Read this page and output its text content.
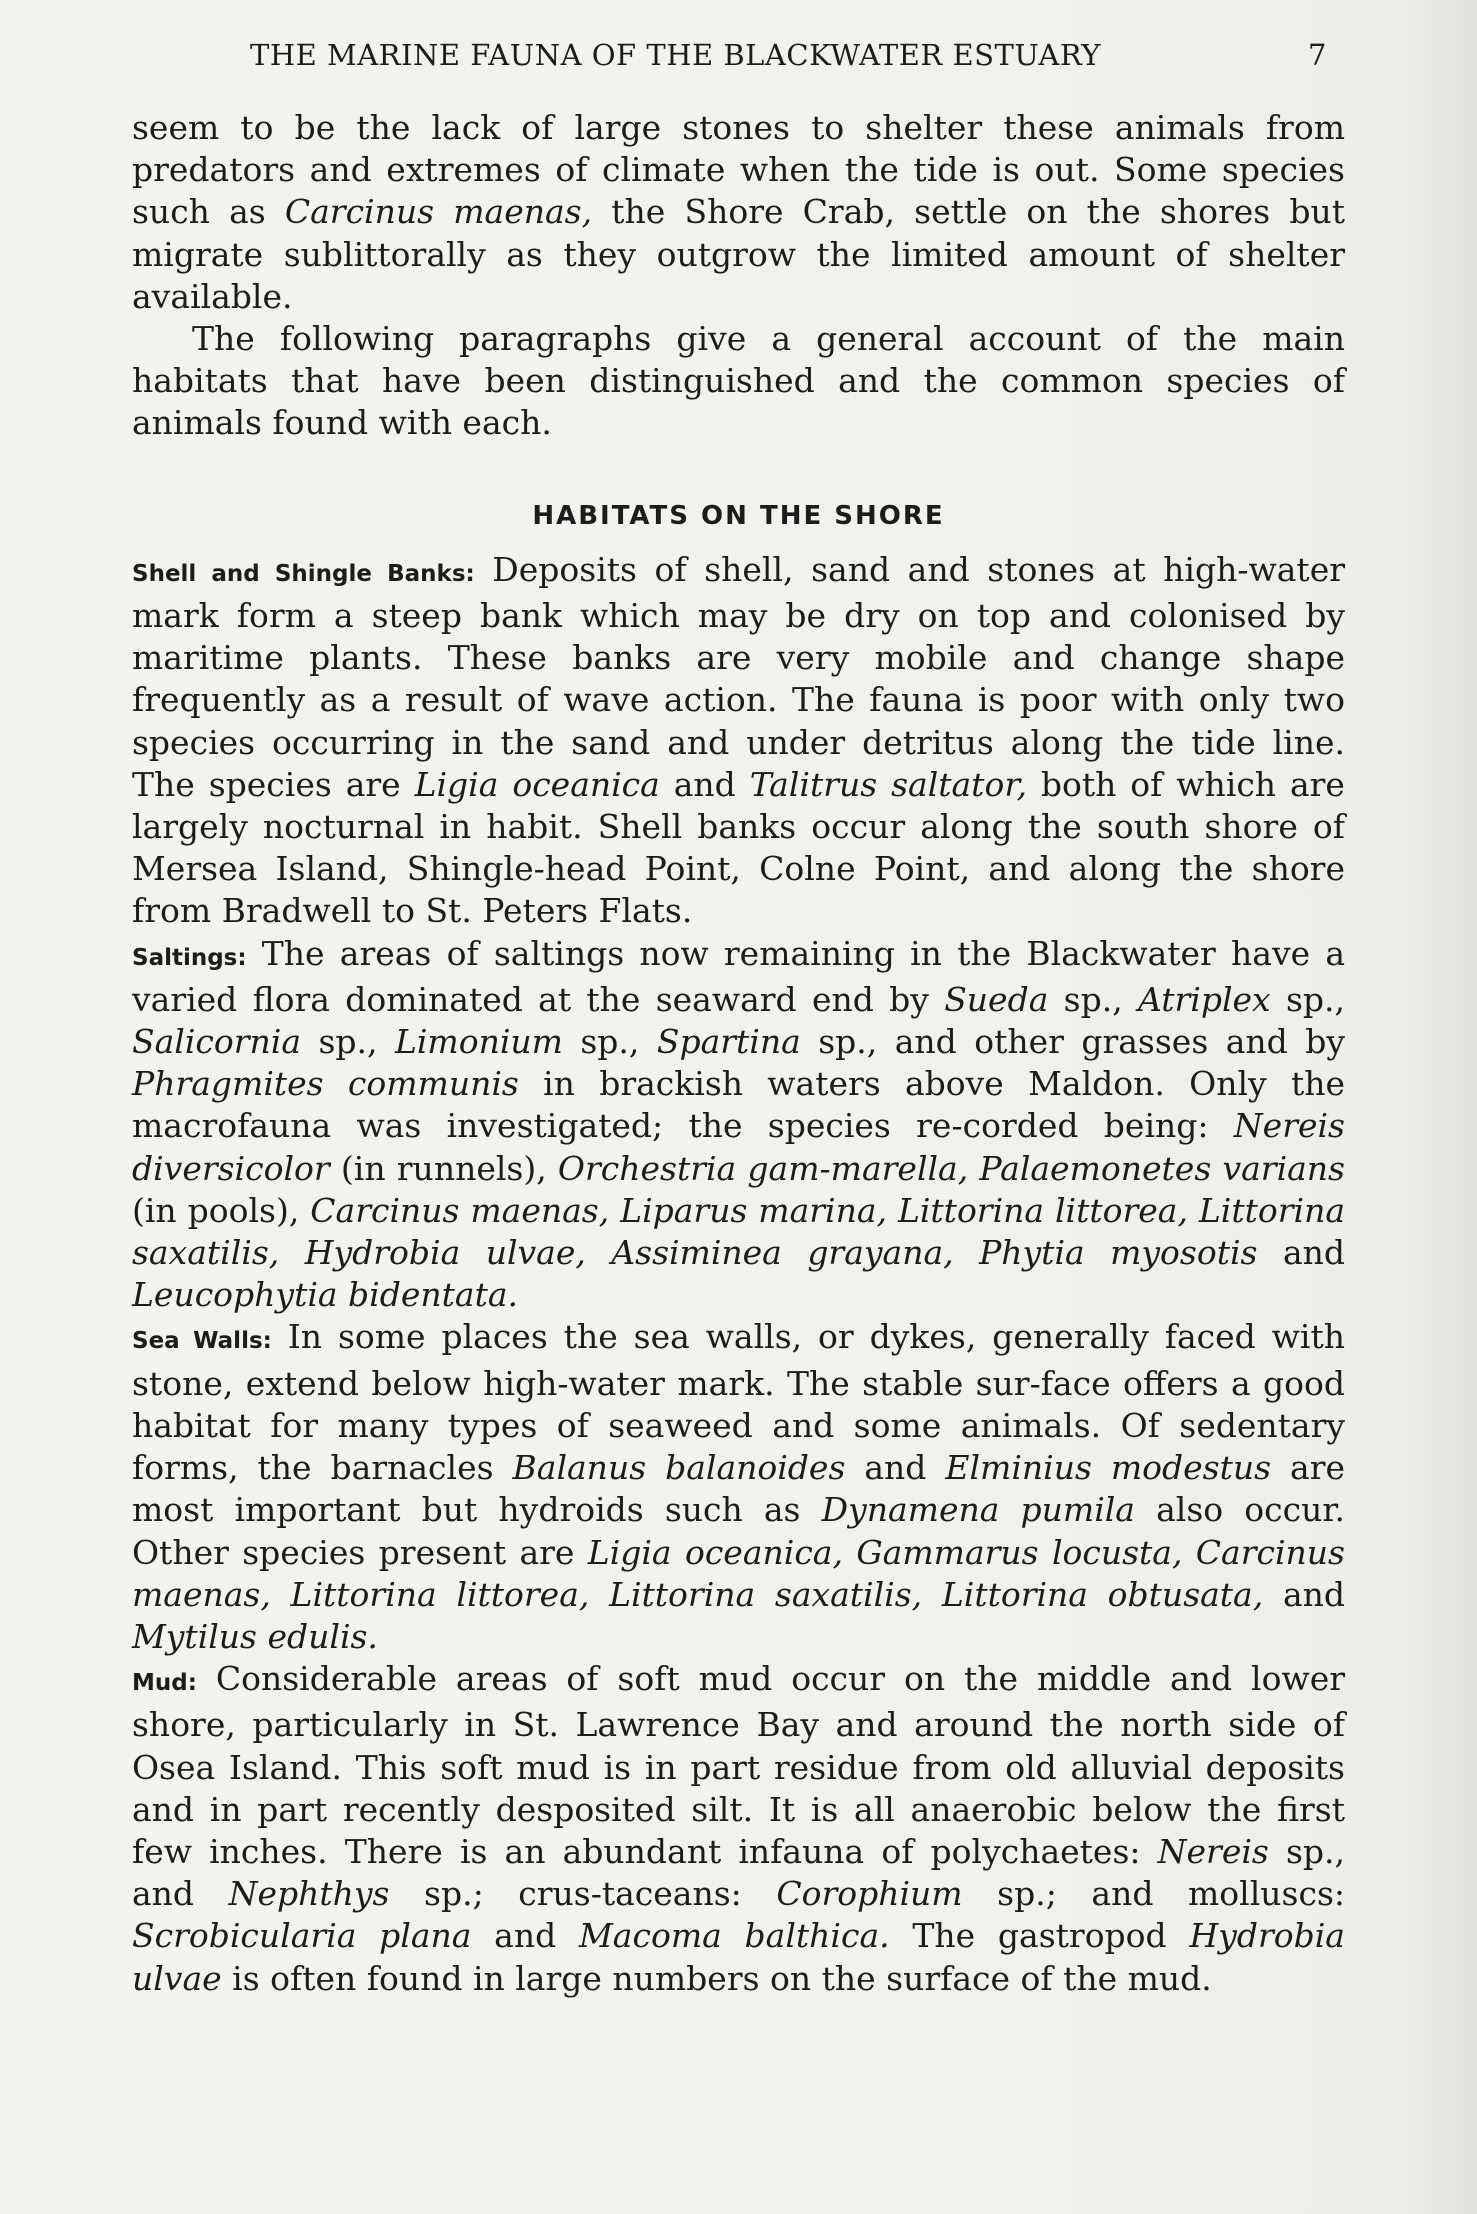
THE MARINE FAUNA OF THE BLACKWATER ESTUARY	7

seem to be the lack of large stones to shelter these animals from predators and extremes of climate when the tide is out. Some species such as Carcinus maenas, the Shore Crab, settle on the shores but migrate sublittorally as they outgrow the limited amount of shelter available.

The following paragraphs give a general account of the main habitats that have been distinguished and the common species of animals found with each.

HABITATS ON THE SHORE

Shell and Shingle Banks: Deposits of shell, sand and stones at high-water mark form a steep bank which may be dry on top and colonised by maritime plants. These banks are very mobile and change shape frequently as a result of wave action. The fauna is poor with only two species occurring in the sand and under detritus along the tide line. The species are Ligia oceanica and Talitrus saltator, both of which are largely nocturnal in habit. Shell banks occur along the south shore of Mersea Island, Shingle-head Point, Colne Point, and along the shore from Bradwell to St. Peters Flats.

Saltings: The areas of saltings now remaining in the Blackwater have a varied flora dominated at the seaward end by Sueda sp., Atriplex sp., Salicornia sp., Limonium sp., Spartina sp., and other grasses and by Phragmites communis in brackish waters above Maldon. Only the macrofauna was investigated; the species re-corded being: Nereis diversicolor (in runnels), Orchestria gam-marella, Palaemonetes varians (in pools), Carcinus maenas, Liparus marina, Littorina littorea, Littorina saxatilis, Hydrobia ulvae, Assiminea grayana, Phytia myosotis and Leucophytia bidentata.

Sea Walls: In some places the sea walls, or dykes, generally faced with stone, extend below high-water mark. The stable sur-face offers a good habitat for many types of seaweed and some animals. Of sedentary forms, the barnacles Balanus balanoides and Elminius modestus are most important but hydroids such as Dynamena pumila also occur. Other species present are Ligia oceanica, Gammarus locusta, Carcinus maenas, Littorina littorea, Littorina saxatilis, Littorina obtusata, and Mytilus edulis.

Mud: Considerable areas of soft mud occur on the middle and lower shore, particularly in St. Lawrence Bay and around the north side of Osea Island. This soft mud is in part residue from old alluvial deposits and in part recently desposited silt. It is all anaerobic below the first few inches. There is an abundant infauna of polychaetes: Nereis sp., and Nephthys sp.; crus-taceans: Corophium sp.; and molluscs: Scrobicularia plana and Macoma balthica. The gastropod Hydrobia ulvae is often found in large numbers on the surface of the mud.
